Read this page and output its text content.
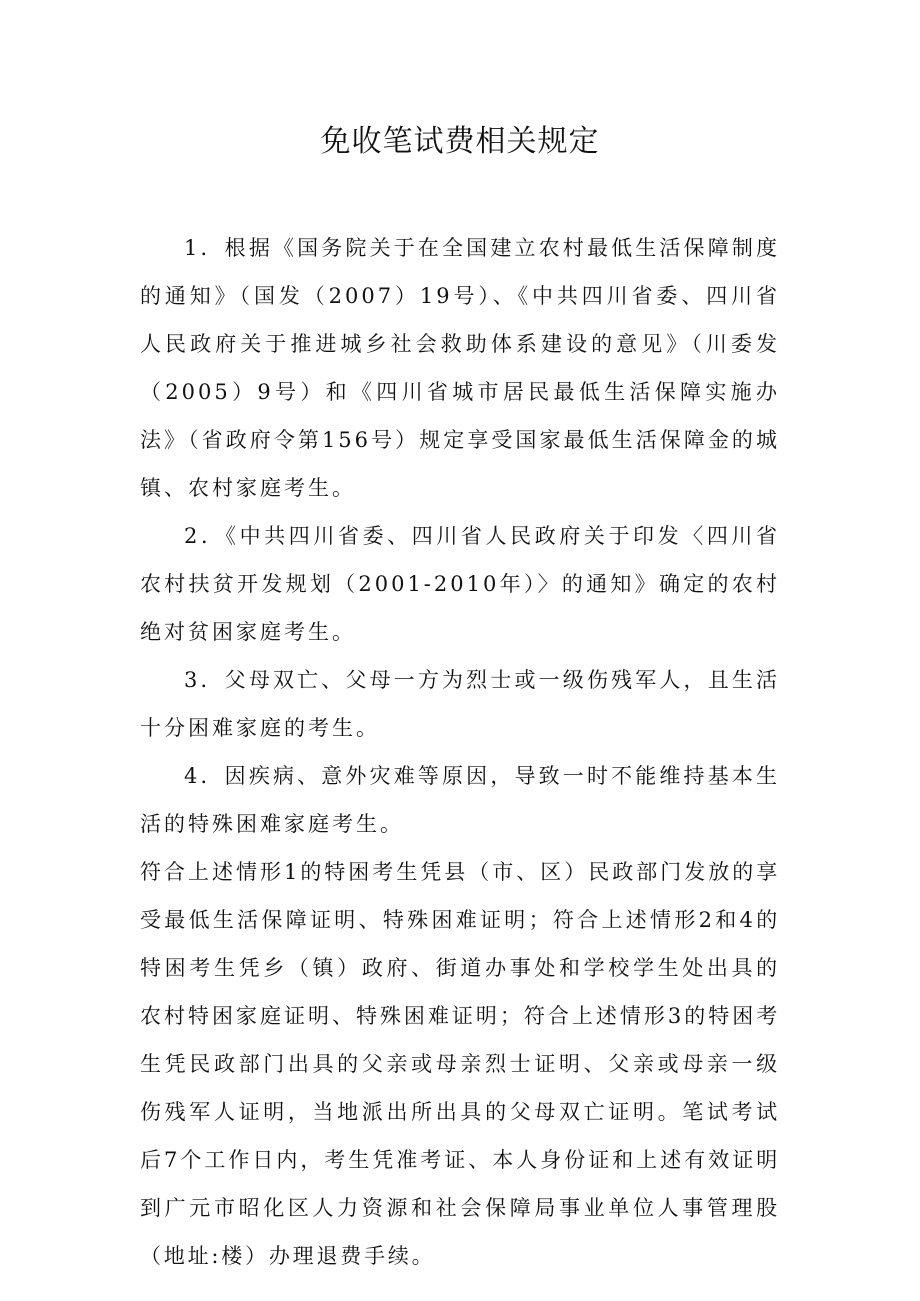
免收笔试费相关规定

1．根据《国务院关于在全国建立农村最低生活保障制度的通知》（国发（2007）19号）、《中共四川省委、四川省人民政府关于推进城乡社会救助体系建设的意见》（川委发（2005）9号）和《四川省城市居民最低生活保障实施办法》（省政府令第156号）规定享受国家最低生活保障金的城镇、农村家庭考生。

2．《中共四川省委、四川省人民政府关于印发〈四川省农村扶贫开发规划（2001-2010年）〉的通知》确定的农村绝对贫困家庭考生。

3．父母双亡、父母一方为烈士或一级伤残军人，且生活十分困难家庭的考生。

4．因疾病、意外灾难等原因，导致一时不能维持基本生活的特殊困难家庭考生。

符合上述情形1的特困考生凭县（市、区）民政部门发放的享受最低生活保障证明、特殊困难证明；符合上述情形2和4的特困考生凭乡（镇）政府、街道办事处和学校学生处出具的农村特困家庭证明、特殊困难证明；符合上述情形3的特困考生凭民政部门出具的父亲或母亲烈士证明、父亲或母亲一级伤残军人证明，当地派出所出具的父母双亡证明。笔试考试后7个工作日内，考生凭准考证、本人身份证和上述有效证明到广元市昭化区人力资源和社会保障局事业单位人事管理股（地址:楼）办理退费手续。
